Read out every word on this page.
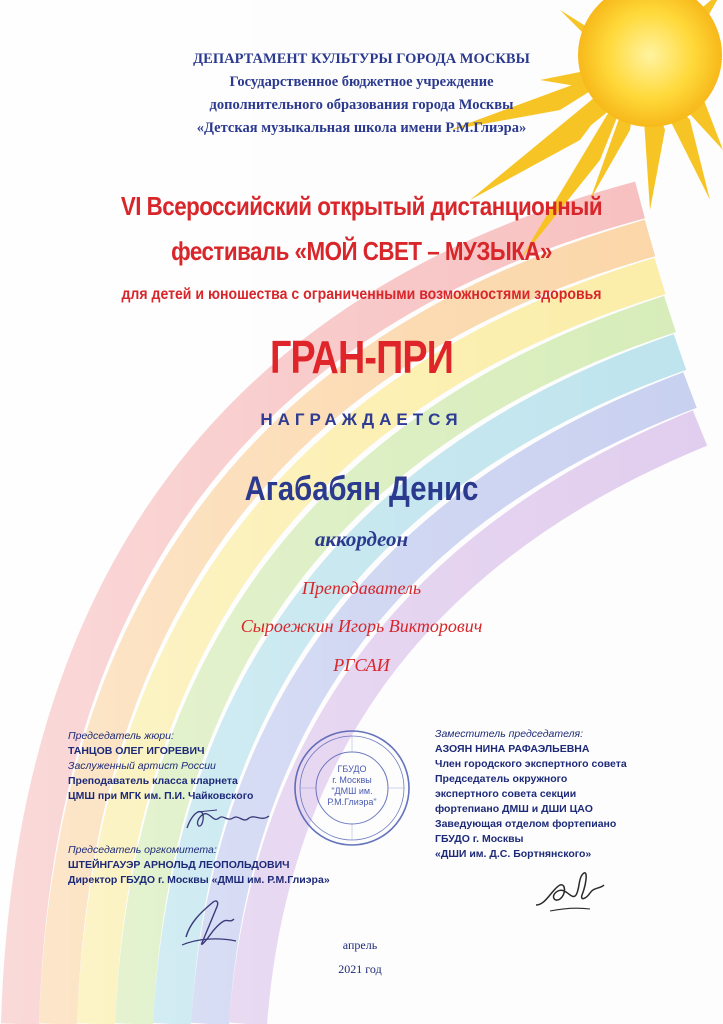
ДЕПАРТАМЕНТ КУЛЬТУРЫ ГОРОДА МОСКВЫ
Государственное бюджетное учреждение
дополнительного образования города Москвы
«Детская музыкальная школа имени Р.М.Глиэра»
VI Всероссийский открытый дистанционный
фестиваль «МОЙ СВЕТ – МУЗЫКА»
для детей и юношества с ограниченными возможностями здоровья
ГРАН-ПРИ
НАГРАЖДАЕТСЯ
Агабабян Денис
аккордеон
Преподаватель
Сыроежкин Игорь Викторович
РГСАИ
Председатель жюри:
ТАНЦОВ ОЛЕГ ИГОРЕВИЧ
Заслуженный артист России
Преподаватель класса кларнета
ЦМШ при МГК им. П.И. Чайковского
Председатель оргкомитета:
ШТЕЙНГАУЭР АРНОЛЬД ЛЕОПОЛЬДОВИЧ
Директор ГБУДО г. Москвы «ДМШ им. Р.М.Глиэра»
ГБУДО
г. Москвы
"ДМШ им.
Р.М.Глиэра"
Заместитель председателя:
АЗОЯН НИНА РАФАЭЛЬЕВНА
Член городского экспертного совета
Председатель окружного
экспертного совета секции
фортепиано ДМШ и ДШИ ЦАО
Заведующая отделом фортепиано
ГБУДО г. Москвы
«ДШИ им. Д.С. Бортнянского»
апрель
2021 год
